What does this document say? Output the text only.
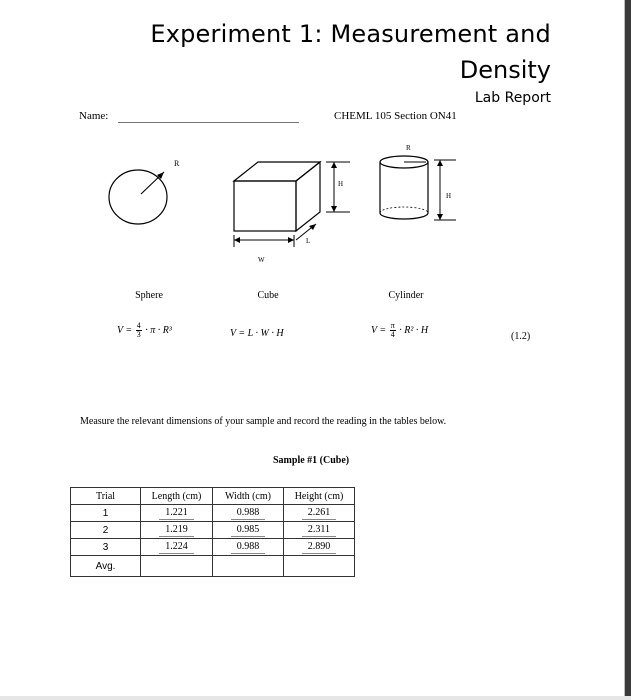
Experiment 1: Measurement and
Density
Lab Report
Name:	CHEML 105 Section ON41
R
H
W
L
R
H
Sphere	Cube	Cylinder
$V = \frac{4}{3} \cdot \pi \cdot R^3$	V = L · W · H	$V = \frac{\pi}{4} \cdot R^2 \cdot H$
(1.2)
Measure the relevant dimensions of your sample and record the reading in the tables below.
Sample #1 (Cube)
Trial	Length (cm)	Width (cm)	Height (cm)
1	1.221	0.988	2.261
2	1.219	0.985	2.311
3	1.224	0.988	2.890
Avg.			
